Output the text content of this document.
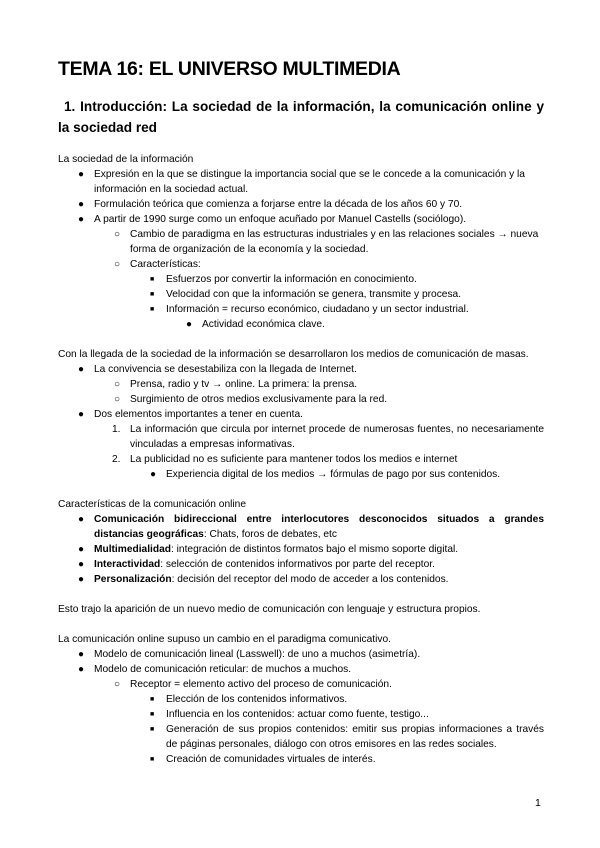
TEMA 16: EL UNIVERSO MULTIMEDIA
1. Introducción: La sociedad de la información, la comunicación online y la sociedad red

La sociedad de la información

● Expresión en la que se distingue la importancia social que se le concede a la comunicación y la información en la sociedad actual.
● Formulación teórica que comienza a forjarse entre la década de los años 60 y 70.
● A partir de 1990 surge como un enfoque acuñado por Manuel Castells (sociólogo).
○ Cambio de paradigma en las estructuras industriales y en las relaciones sociales → nueva forma de organización de la economía y la sociedad.
○ Características:
■ Esfuerzos por convertir la información en conocimiento.
■ Velocidad con que la información se genera, transmite y procesa.
■ Información = recurso económico, ciudadano y un sector industrial.
● Actividad económica clave.

Con la llegada de la sociedad de la información se desarrollaron los medios de comunicación de masas.

● La convivencia se desestabiliza con la llegada de Internet.
○ Prensa, radio y tv → online. La primera: la prensa.
○ Surgimiento de otros medios exclusivamente para la red.
● Dos elementos importantes a tener en cuenta.
1. La información que circula por internet procede de numerosas fuentes, no necesariamente vinculadas a empresas informativas.
2. La publicidad no es suficiente para mantener todos los medios e internet
● Experiencia digital de los medios → fórmulas de pago por sus contenidos.

Características de la comunicación online

● Comunicación bidireccional entre interlocutores desconocidos situados a grandes distancias geográficas: Chats, foros de debates, etc
● Multimedialidad: integración de distintos formatos bajo el mismo soporte digital.
● Interactividad: selección de contenidos informativos por parte del receptor.
● Personalización: decisión del receptor del modo de acceder a los contenidos.

Esto trajo la aparición de un nuevo medio de comunicación con lenguaje y estructura propios.

La comunicación online supuso un cambio en el paradigma comunicativo.

● Modelo de comunicación lineal (Lasswell): de uno a muchos (asimetría).
● Modelo de comunicación reticular: de muchos a muchos.
○ Receptor = elemento activo del proceso de comunicación.
■ Elección de los contenidos informativos.
■ Influencia en los contenidos: actuar como fuente, testigo...
■ Generación de sus propios contenidos: emitir sus propias informaciones a través de páginas personales, diálogo con otros emisores en las redes sociales.
■ Creación de comunidades virtuales de interés.
1
